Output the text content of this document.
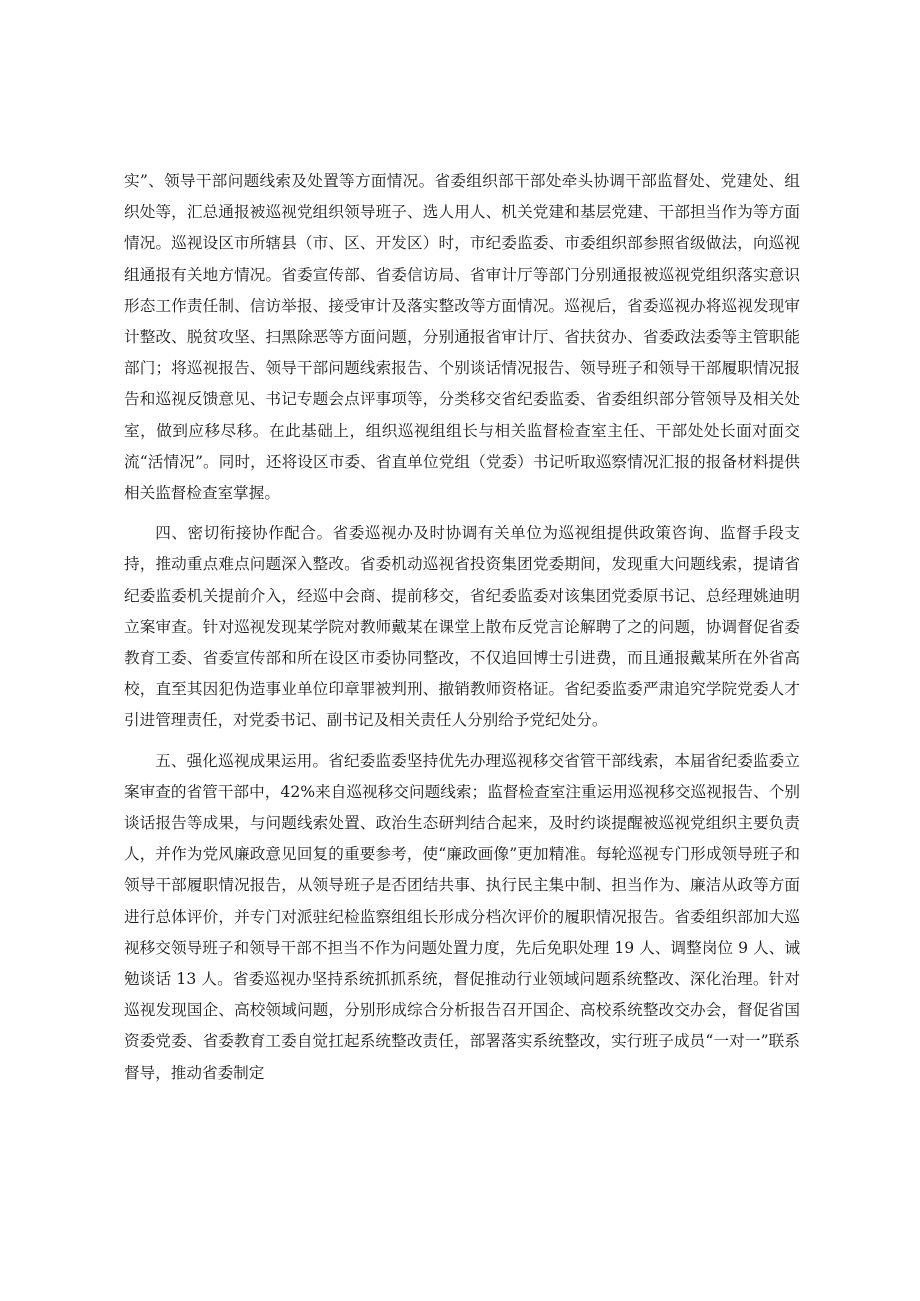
实”、领导干部问题线索及处置等方面情况。省委组织部干部处牵头协调干部监督处、党建处、组织处等，汇总通报被巡视党组织领导班子、选人用人、机关党建和基层党建、干部担当作为等方面情况。巡视设区市所辖县（市、区、开发区）时，市纪委监委、市委组织部参照省级做法，向巡视组通报有关地方情况。省委宣传部、省委信访局、省审计厅等部门分别通报被巡视党组织落实意识形态工作责任制、信访举报、接受审计及落实整改等方面情况。巡视后，省委巡视办将巡视发现审计整改、脱贫攻坚、扫黑除恶等方面问题，分别通报省审计厅、省扶贫办、省委政法委等主管职能部门；将巡视报告、领导干部问题线索报告、个别谈话情况报告、领导班子和领导干部履职情况报告和巡视反馈意见、书记专题会点评事项等，分类移交省纪委监委、省委组织部分管领导及相关处室，做到应移尽移。在此基础上，组织巡视组组长与相关监督检查室主任、干部处处长面对面交流“活情况”。同时，还将设区市委、省直单位党组（党委）书记听取巡察情况汇报的报备材料提供相关监督检查室掌握。

四、密切衔接协作配合。省委巡视办及时协调有关单位为巡视组提供政策咨询、监督手段支持，推动重点难点问题深入整改。省委机动巡视省投资集团党委期间，发现重大问题线索，提请省纪委监委机关提前介入，经巡中会商、提前移交，省纪委监委对该集团党委原书记、总经理姚迪明立案审查。针对巡视发现某学院对教师戴某在课堂上散布反党言论解聘了之的问题，协调督促省委教育工委、省委宣传部和所在设区市委协同整改，不仅追回博士引进费，而且通报戴某所在外省高校，直至其因犯伪造事业单位印章罪被判刑、撤销教师资格证。省纪委监委严肃追究学院党委人才引进管理责任，对党委书记、副书记及相关责任人分别给予党纪处分。

五、强化巡视成果运用。省纪委监委坚持优先办理巡视移交省管干部线索，本届省纪委监委立案审查的省管干部中，42%来自巡视移交问题线索；监督检查室注重运用巡视移交巡视报告、个别谈话报告等成果，与问题线索处置、政治生态研判结合起来，及时约谈提醒被巡视党组织主要负责人，并作为党风廉政意见回复的重要参考，使“廉政画像”更加精准。每轮巡视专门形成领导班子和领导干部履职情况报告，从领导班子是否团结共事、执行民主集中制、担当作为、廉洁从政等方面进行总体评价，并专门对派驻纪检监察组组长形成分档次评价的履职情况报告。省委组织部加大巡视移交领导班子和领导干部不担当不作为问题处置力度，先后免职处理 19 人、调整岗位 9 人、诫勉谈话 13 人。省委巡视办坚持系统抓抓系统，督促推动行业领域问题系统整改、深化治理。针对巡视发现国企、高校领域问题，分别形成综合分析报告召开国企、高校系统整改交办会，督促省国资委党委、省委教育工委自觉扛起系统整改责任，部署落实系统整改，实行班子成员“一对一”联系督导，推动省委制定
